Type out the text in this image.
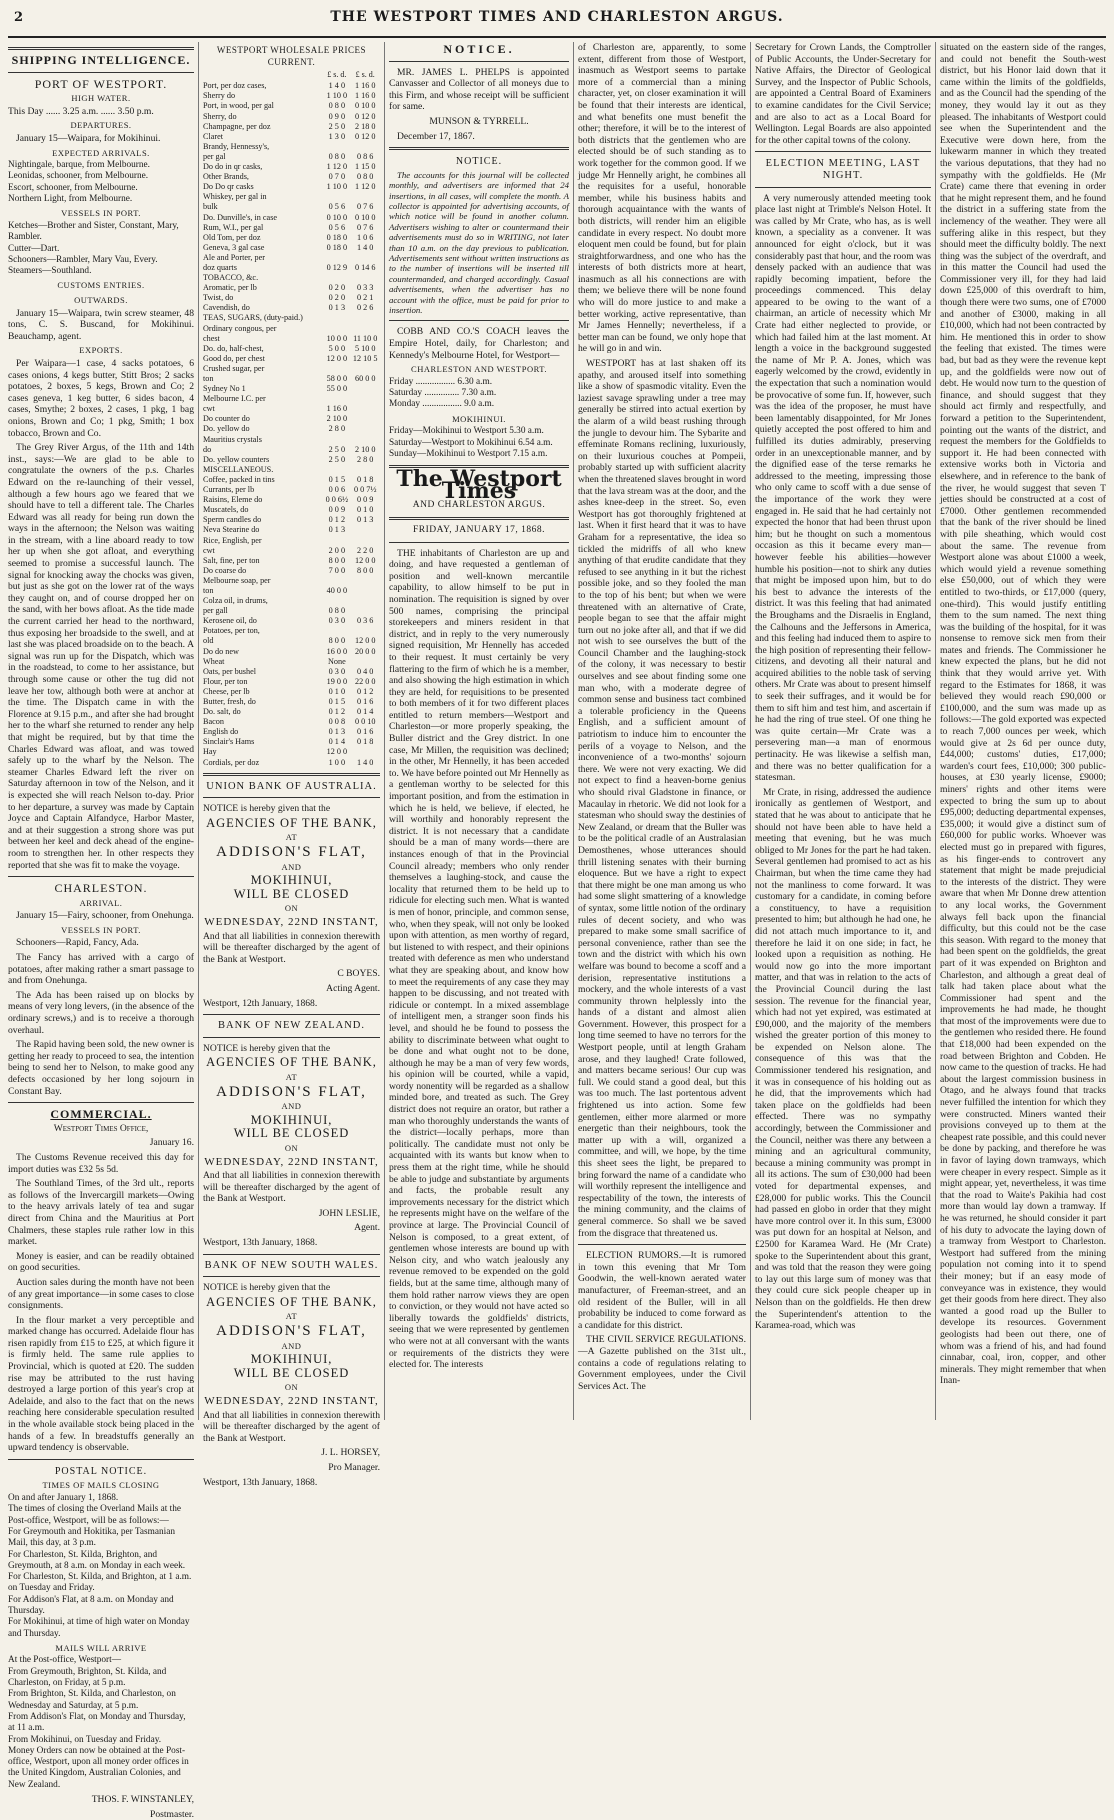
2	THE WESTPORT TIMES AND CHARLESTON ARGUS.
SHIPPING INTELLIGENCE.
PORT OF WESTPORT.
HIGH WATER.

This Day ...... 3.25 a.m. ...... 3.50 p.m.

DEPARTURES.

January 15—Waipara, for Mokihinui.

EXPECTED ARRIVALS.

Nightingale, barque, from Melbourne.
Leonidas, schooner, from Melbourne.
Escort, schooner, from Melbourne.
Northern Light, from Melbourne.

VESSELS IN PORT.

Ketches—Brother and Sister, Constant, Mary, Rambler.
Cutter—Dart.
Schooners—Rambler, Mary Vau, Every.
Steamers—Southland.

CUSTOMS ENTRIES.
OUTWARDS.

January 15—Waipara, twin screw steamer, 48 tons, C. S. Buscand, for Mokihinui. Beauchamp, agent.

EXPORTS.

Per Waipara—1 case, 4 sacks potatoes, 6 cases onions, 4 kegs butter, Stitt Bros; 2 sacks potatoes, 2 boxes, 5 kegs, Brown and Co; 2 cases geneva, 1 keg butter, 6 sides bacon, 4 cases, Smythe; 2 boxes, 2 cases, 1 pkg, 1 bag onions, Brown and Co; 1 pkg, Smith; 1 box tobacco, Brown and Co.

The Grey River Argus, of the 11th and 14th inst., says:—We are glad to be able to congratulate the owners of the p.s. Charles Edward on the re-launching of their vessel, although a few hours ago we feared that we should have to tell a different tale. The Charles Edward was all ready for being run down the ways in the afternoon; the Nelson was waiting in the stream, with a line aboard ready to tow her up when she got afloat, and everything seemed to promise a successful launch. The signal for knocking away the chocks was given, but just as she got on the lower rat of the ways they caught on, and of course dropped her on the sand, with her bows afloat. As the tide made the current carried her head to the northward, thus exposing her broadside to the swell, and at last she was placed broadside on to the beach. A signal was run up for the Dispatch, which was in the roadstead, to come to her assistance, but through some cause or other the tug did not leave her tow, although both were at anchor at the time. The Dispatch came in with the Florence at 9.15 p.m., and after she had brought her to the wharf she returned to render any help that might be required, but by that time the Charles Edward was afloat, and was towed safely up to the wharf by the Nelson. The steamer Charles Edward left the river on Saturday afternoon in tow of the Nelson, and it is expected she will reach Nelson to-day. Prior to her departure, a survey was made by Captain Joyce and Captain Alfandyce, Harbor Master, and at their suggestion a strong shore was put between her keel and deck ahead of the engine-room to strengthen her. In other respects they reported that she was fit to make the voyage.

CHARLESTON.
ARRIVAL.

January 15—Fairy, schooner, from Onehunga.

VESSELS IN PORT.

Schooners—Rapid, Fancy, Ada.

The Fancy has arrived with a cargo of potatoes, after making rather a smart passage to and from Onehunga.

The Ada has been raised up on blocks by means of very long levers, (in the absence of the ordinary screws,) and is to receive a thorough overhaul.

The Rapid having been sold, the new owner is getting her ready to proceed to sea, the intention being to send her to Nelson, to make good any defects occasioned by her long sojourn in Constant Bay.

COMMERCIAL.

Westport Times Office,

January 16.

The Customs Revenue received this day for import duties was £32 5s 5d.

The Southland Times, of the 3rd ult., reports as follows of the Invercargill markets—Owing to the heavy arrivals lately of tea and sugar direct from China and the Mauritius at Port Chalmers, these staples rule rather low in this market.

Money is easier, and can be readily obtained on good securities.

Auction sales during the month have not been of any great importance—in some cases to close consignments.

In the flour market a very perceptible and marked change has occurred. Adelaide flour has risen rapidly from £15 to £25, at which figure it is firmly held. The same rule applies to Provincial, which is quoted at £20. The sudden rise may be attributed to the rust having destroyed a large portion of this year's crop at Adelaide, and also to the fact that on the news reaching here considerable speculation resulted in the whole available stock being placed in the hands of a few. In breadstuffs generally an upward tendency is observable.

POSTAL NOTICE.
TIMES OF MAILS CLOSING

On and after January 1, 1868.
The times of closing the Overland Mails at the Post-office, Westport, will be as follows:—
For Greymouth and Hokitika, per Tasmanian Mail, this day, at 3 p.m.
For Charleston, St. Kilda, Brighton, and Greymouth, at 8 a.m. on Monday in each week.
For Charleston, St. Kilda, and Brighton, at 1 a.m. on Tuesday and Friday.
For Addison's Flat, at 8 a.m. on Monday and Thursday.
For Mokihinui, at time of high water on Monday and Thursday.

MAILS WILL ARRIVE

At the Post-office, Westport—
From Greymouth, Brighton, St. Kilda, and Charleston, on Friday, at 5 p.m.
From Brighton, St. Kilda, and Charleston, on Wednesday and Saturday, at 5 p.m.
From Addison's Flat, on Monday and Thursday, at 11 a.m.
From Mokihinui, on Tuesday and Friday.
Money Orders can now be obtained at the Post-office, Westport, upon all money order offices in the United Kingdom, Australian Colonies, and New Zealand.

THOS. F. WINSTANLEY,

Postmaster.

WESTPORT WHOLESALE PRICES CURRENT.
	£ s. d.	£ s. d.
Port, per doz cases,	1 4 0	1 16 0
Sherry do	1 10 0	1 16 0
Port, in wood, per gal	0 8 0	0 10 0
Sherry, do	0 9 0	0 12 0
Champagne, per doz	2 5 0	2 18 0
Claret	1 3 0	0 12 0
Brandy, Hennessy's,		
per gal	0 8 0	0 8 6
Do do in qr casks,	1 12 0	1 15 0
Other Brands,	0 7 0	0 8 0
Do Do qr casks	1 10 0	1 12 0
Whiskey, per gal in		
bulk	0 5 6	0 7 6
Do. Dunville's, in case	0 10 0	0 10 0
Rum, W.I., per gal	0 5 6	0 7 6
Old Tom, per doz	0 18 0	1 0 6
Geneva, 3 gal case	0 18 0	1 4 0
Ale and Porter, per		
doz quarts	0 12 9	0 14 6
TOBACCO, &c.		
Aromatic, per lb	0 2 0	0 3 3
Twist, do	0 2 0	0 2 1
Cavendish, do	0 1 3	0 2 6
TEAS, SUGARS, (duty-paid.)		
Ordinary congous, per		
chest	10 0 0	11 10 0
Do. do, half-chest,	5 0 0	5 10 0
Good do, per chest	12 0 0	12 10 5
Crushed sugar, per		
ton	58 0 0	60 0 0
Sydney No 1	55 0 0	
Melbourne I.C. per		
cwt	1 16 0	
Do counter do	2 10 0	
Do. yellow do	2 8 0	
Mauritius crystals		
do	2 5 0	2 10 0
Do. yellow counters	2 5 0	2 8 0
MISCELLANEOUS.		
Coffee, packed in tins	0 1 5	0 1 8
Currants, per lb	0 0 6	0 0 7½
Raisins, Eleme do	0 0 6½	0 0 9
Muscatels, do	0 0 9	0 1 0
Sperm candles do	0 1 2	0 1 3
Neva Stearine do	0 1 3	
Rice, English, per		
cwt	2 0 0	2 2 0
Salt, fine, per ton	8 0 0	12 0 0
Do coarse do	7 0 0	8 0 0
Melbourne soap, per		
ton	40 0 0	
Colza oil, in drums,		
per gall	0 8 0	
Kerosene oil, do	0 3 0	0 3 6
Potatoes, per ton,		
old	8 0 0	12 0 0
Do do new	16 0 0	20 0 0
Wheat	None	
Oats, per bushel	0 3 0	0 4 0
Flour, per ton	19 0 0	22 0 0
Cheese, per lb	0 1 0	0 1 2
Butter, fresh, do	0 1 5	0 1 6
Do. salt, do	0 1 2	0 1 4
Bacon	0 0 8	0 0 10
English do	0 1 3	0 1 6
Sinclair's Hams	0 1 4	0 1 8
Hay	12 0 0	
Cordials, per doz	1 0 0	1 4 0
UNION BANK OF AUSTRALIA.

NOTICE is hereby given that the

AGENCIES OF THE BANK,
AT
ADDISON'S FLAT,
AND
MOKIHINUI,
WILL BE CLOSED
ON
WEDNESDAY, 22ND INSTANT,

And that all liabilities in connexion therewith will be thereafter discharged by the agent of the Bank at Westport.

C BOYES.

Acting Agent.

Westport, 12th January, 1868.

BANK OF NEW ZEALAND.

NOTICE is hereby given that the

AGENCIES OF THE BANK,
AT
ADDISON'S FLAT,
AND
MOKIHINUI,
WILL BE CLOSED
ON
WEDNESDAY, 22ND INSTANT,

And that all liabilities in connexion therewith will be thereafter discharged by the agent of the Bank at Westport.

JOHN LESLIE,

Agent.

Westport, 13th January, 1868.

BANK OF NEW SOUTH WALES.

NOTICE is hereby given that the

AGENCIES OF THE BANK,
AT
ADDISON'S FLAT,
AND
MOKIHINUI,
WILL BE CLOSED
ON
WEDNESDAY, 22ND INSTANT,

And that all liabilities in connexion therewith will be thereafter discharged by the agent of the Bank at Westport.

J. L. HORSEY,

Pro Manager.

Westport, 13th January, 1868.

NOTICE.

MR. JAMES L. PHELPS is appointed Canvasser and Collector of all moneys due to this Firm, and whose receipt will be sufficient for same.

MUNSON & TYRRELL.

December 17, 1867.

NOTICE.

The accounts for this journal will be collected monthly, and advertisers are informed that 24 insertions, in all cases, will complete the month. A collector is appointed for advertising accounts, of which notice will be found in another column. Advertisers wishing to alter or countermand their advertisements must do so in WRITING, not later than 10 a.m. on the day previous to publication. Advertisements sent without written instructions as to the number of insertions will be inserted till countermanded, and charged accordingly. Casual advertisements, when the advertiser has no account with the office, must be paid for prior to insertion.

COBB AND CO.'S COACH leaves the Empire Hotel, daily, for Charleston; and Kennedy's Melbourne Hotel, for Westport—

CHARLESTON AND WESTPORT.

Friday ................. 6.30 a.m.
Saturday ............... 7.30 a.m.
Monday ................. 9.0 a.m.

MOKIHINUI.

Friday—Mokihinui to Westport 5.30 a.m.
Saturday—Westport to Mokihinui 6.54 a.m.
Sunday—Mokihinui to Westport 7.15 a.m.

The Westport Times
AND CHARLESTON ARGUS.
FRIDAY, JANUARY 17, 1868.

THE inhabitants of Charleston are up and doing, and have requested a gentleman of position and well-known mercantile capability, to allow himself to be put in nomination. The requisition is signed by over 500 names, comprising the principal storekeepers and miners resident in that district, and in reply to the very numerously signed requisition, Mr Hennelly has acceded to their request. It must certainly be very flattering to the firm of which he is a member, and also showing the high estimation in which they are held, for requisitions to be presented to both members of it for two different places entitled to return members—Westport and Charleston—or more properly speaking, the Buller district and the Grey district. In one case, Mr Millen, the requisition was declined; in the other, Mr Hennelly, it has been acceded to. We have before pointed out Mr Hennelly as a gentleman worthy to be selected for this important position, and from the estimation in which he is held, we believe, if elected, he will worthily and honorably represent the district. It is not necessary that a candidate should be a man of many words—there are instances enough of that in the Provincial Council already; members who only render themselves a laughing-stock, and cause the locality that returned them to be held up to ridicule for electing such men. What is wanted is men of honor, principle, and common sense, who, when they speak, will not only be looked upon with attention, as men worthy of regard, but listened to with respect, and their opinions treated with deference as men who understand what they are speaking about, and know how to meet the requirements of any case they may happen to be discussing, and not treated with ridicule or contempt. In a mixed assemblage of intelligent men, a stranger soon finds his level, and should he be found to possess the ability to discriminate between what ought to be done and what ought not to be done, although he may be a man of very few words, his opinion will be courted, while a vapid, wordy nonentity will be regarded as a shallow minded bore, and treated as such. The Grey district does not require an orator, but rather a man who thoroughly understands the wants of the district—locally perhaps, more than politically. The candidate must not only be acquainted with its wants but know when to press them at the right time, while he should be able to judge and substantiate by arguments and facts, the probable result any improvements necessary for the district which he represents might have on the welfare of the province at large. The Provincial Council of Nelson is composed, to a great extent, of gentlemen whose interests are bound up with Nelson city, and who watch jealously any revenue removed to be expended on the gold fields, but at the same time, although many of them hold rather narrow views they are open to conviction, or they would not have acted so liberally towards the goldfields' districts, seeing that we were represented by gentlemen who were not at all conversant with the wants or requirements of the districts they were elected for. The interests

of Charleston are, apparently, to some extent, different from those of Westport, inasmuch as Westport seems to partake more of a commercial than a mining character, yet, on closer examination it will be found that their interests are identical, and what benefits one must benefit the other; therefore, it will be to the interest of both districts that the gentlemen who are elected should be of such standing as to work together for the common good. If we judge Mr Hennelly aright, he combines all the requisites for a useful, honorable member, while his business habits and thorough acquaintance with the wants of both districts, will render him an eligible candidate in every respect. No doubt more eloquent men could be found, but for plain straightforwardness, and one who has the interests of both districts more at heart, inasmuch as all his connections are with them; we believe there will be none found who will do more justice to and make a better working, active representative, than Mr James Hennelly; nevertheless, if a better man can be found, we only hope that he will go in and win.

WESTPORT has at last shaken off its apathy, and aroused itself into something like a show of spasmodic vitality. Even the laziest savage sprawling under a tree may generally be stirred into actual exertion by the alarm of a wild beast rushing through the jungle to devour him. The Sybarite and effeminate Romans reclining, luxuriously, on their luxurious couches at Pompeii, probably started up with sufficient alacrity when the threatened slaves brought in word that the lava stream was at the door, and the ashes knee-deep in the street. So, even Westport has got thoroughly frightened at last. When it first heard that it was to have Graham for a representative, the idea so tickled the midriffs of all who knew anything of that erudite candidate that they refused to see anything in it but the richest possible joke, and so they fooled the man to the top of his bent; but when we were threatened with an alternative of Crate, people began to see that the affair might turn out no joke after all, and that if we did not wish to see ourselves the butt of the Council Chamber and the laughing-stock of the colony, it was necessary to bestir ourselves and see about finding some one man who, with a moderate degree of common sense and business tact combined a tolerable proficiency in the Queens English, and a sufficient amount of patriotism to induce him to encounter the perils of a voyage to Nelson, and the inconvenience of a two-months' sojourn there. We were not very exacting. We did not expect to find a heaven-borne genius who should rival Gladstone in finance, or Macaulay in rhetoric. We did not look for a statesman who should sway the destinies of New Zealand, or dream that the Buller was to be the political cradle of an Australasian Demosthenes, whose utterances should thrill listening senates with their burning eloquence. But we have a right to expect that there might be one man among us who had some slight smattering of a knowledge of syntax, some little notion of the ordinary rules of decent society, and who was prepared to make some small sacrifice of personal convenience, rather than see the town and the district with which his own welfare was bound to become a scoff and a derision, representative institutions a mockery, and the whole interests of a vast community thrown helplessly into the hands of a distant and almost alien Government. However, this prospect for a long time seemed to have no terrors for the Westport people, until at length Graham arose, and they laughed! Crate followed, and matters became serious! Our cup was full. We could stand a good deal, but this was too much. The last portentous advent frightened us into action. Some few gentlemen, either more alarmed or more energetic than their neighbours, took the matter up with a will, organized a committee, and will, we hope, by the time this sheet sees the light, be prepared to bring forward the name of a candidate who will worthily represent the intelligence and respectability of the town, the interests of the mining community, and the claims of general commerce. So shall we be saved from the disgrace that threatened us.

ELECTION RUMORS.—It is rumored in town this evening that Mr Tom Goodwin, the well-known aerated water manufacturer, of Freeman-street, and an old resident of the Buller, will in all probability be induced to come forward as a candidate for this district.

THE CIVIL SERVICE REGULATIONS.—A Gazette published on the 31st ult., contains a code of regulations relating to Government employees, under the Civil Services Act. The

Secretary for Crown Lands, the Comptroller of Public Accounts, the Under-Secretary for Native Affairs, the Director of Geological Survey, and the Inspector of Public Schools, are appointed a Central Board of Examiners to examine candidates for the Civil Service; and are also to act as a Local Board for Wellington. Legal Boards are also appointed for the other capital towns of the colony.

ELECTION MEETING, LAST NIGHT.

A very numerously attended meeting took place last night at Trimble's Nelson Hotel. It was called by Mr Crate, who has, as is well known, a speciality as a convener. It was announced for eight o'clock, but it was considerably past that hour, and the room was densely packed with an audience that was rapidly becoming impatient, before the proceedings commenced. This delay appeared to be owing to the want of a chairman, an article of necessity which Mr Crate had either neglected to provide, or which had failed him at the last moment. At length a voice in the background suggested the name of Mr P. A. Jones, which was eagerly welcomed by the crowd, evidently in the expectation that such a nomination would be provocative of some fun. If, however, such was the idea of the proposer, he must have been lamentably disappointed, for Mr Jones quietly accepted the post offered to him and fulfilled its duties admirably, preserving order in an unexceptionable manner, and by the dignified ease of the terse remarks he addressed to the meeting, impressing those who only came to scoff with a due sense of the importance of the work they were engaged in. He said that he had certainly not expected the honor that had been thrust upon him; but he thought on such a momentous occasion as this it became every man—however feeble his abilities—however humble his position—not to shirk any duties that might be imposed upon him, but to do his best to advance the interests of the district. It was this feeling that had animated the Broughams and the Disraelis in England, the Calhouns and the Jeffersons in America, and this feeling had induced them to aspire to the high position of representing their fellow-citizens, and devoting all their natural and acquired abilities to the noble task of serving others. Mr Crate was about to present himself to seek their suffrages, and it would be for them to sift him and test him, and ascertain if he had the ring of true steel. Of one thing he was quite certain—Mr Crate was a persevering man—a man of enormous pertinacity. He was likewise a selfish man, and there was no better qualification for a statesman.

Mr Crate, in rising, addressed the audience ironically as gentlemen of Westport, and stated that he was about to anticipate that he should not have been able to have held a meeting that evening, but he was much obliged to Mr Jones for the part he had taken. Several gentlemen had promised to act as his Chairman, but when the time came they had not the manliness to come forward. It was customary for a candidate, in coming before a constituency, to have a requisition presented to him; but although he had one, he did not attach much importance to it, and therefore he laid it on one side; in fact, he looked upon a requisition as nothing. He would now go into the more important matter, and that was in relation to the acts of the Provincial Council during the last session. The revenue for the financial year, which had not yet expired, was estimated at £90,000, and the majority of the members wished the greater portion of this money to be expended on Nelson alone. The consequence of this was that the Commissioner tendered his resignation, and it was in consequence of his holding out as he did, that the improvements which had taken place on the goldfields had been effected. There was no sympathy accordingly, between the Commissioner and the Council, neither was there any between a mining and an agricultural community, because a mining community was prompt in all its actions. The sum of £30,000 had been voted for departmental expenses, and £28,000 for public works. This the Council had passed en globo in order that they might have more control over it. In this sum, £3000 was put down for an hospital at Nelson, and £2500 for Karamea Ward. He (Mr Crate) spoke to the Superintendent about this grant, and was told that the reason they were going to lay out this large sum of money was that they could cure sick people cheaper up in Nelson than on the goldfields. He then drew the Superintendent's attention to the Karamea-road, which was

situated on the eastern side of the ranges, and could not benefit the South-west district, but his Honor laid down that it came within the limits of the goldfields, and as the Council had the spending of the money, they would lay it out as they pleased. The inhabitants of Westport could see when the Superintendent and the Executive were down here, from the lukewarm manner in which they treated the various deputations, that they had no sympathy with the goldfields. He (Mr Crate) came there that evening in order that he might represent them, and he found the district in a suffering state from the inclemency of the weather. They were all suffering alike in this respect, but they should meet the difficulty boldly. The next thing was the subject of the overdraft, and in this matter the Council had used the Commissioner very ill, for they had laid down £25,000 of this overdraft to him, though there were two sums, one of £7000 and another of £3000, making in all £10,000, which had not been contracted by him. He mentioned this in order to show the feeling that existed. The times were bad, but bad as they were the revenue kept up, and the goldfields were now out of debt. He would now turn to the question of finance, and should suggest that they should act firmly and respectfully, and forward a petition to the Superintendent, pointing out the wants of the district, and request the members for the Goldfields to support it. He had been connected with extensive works both in Victoria and elsewhere, and in reference to the bank of the river, he would suggest that seven T jetties should be constructed at a cost of £7000. Other gentlemen recommended that the bank of the river should be lined with pile sheathing, which would cost about the same. The revenue from Westport alone was about £1000 a week, which would yield a revenue something else £50,000, out of which they were entitled to two-thirds, or £17,000 (query, one-third). This would justify entitling them to the sum named. The next thing was the building of the hospital, for it was nonsense to remove sick men from their mates and friends. The Commissioner he knew expected the plans, but he did not think that they would arrive yet. With regard to the Estimates for 1868, it was believed they would reach £90,000 or £100,000, and the sum was made up as follows:—The gold exported was expected to reach 7,000 ounces per week, which would give at 2s 6d per ounce duty, £44,000; customs' duties, £17,000; warden's court fees, £10,000; 300 public-houses, at £30 yearly license, £9000; miners' rights and other items were expected to bring the sum up to about £95,000; deducting departmental expenses, £35,000; it would give a distinct sum of £60,000 for public works. Whoever was elected must go in prepared with figures, as his finger-ends to controvert any statement that might be made prejudicial to the interests of the district. They were aware that when Mr Donne drew attention to any local works, the Government always fell back upon the financial difficulty, but this could not be the case this season. With regard to the money that had been spent on the goldfields, the great part of it was expended on Brighton and Charleston, and although a great deal of talk had taken place about what the Commissioner had spent and the improvements he had made, he thought that most of the improvements were due to the gentlemen who resided there. He found that £18,000 had been expended on the road between Brighton and Cobden. He now came to the question of tracks. He had about the largest commission business in Otago, and he always found that tracks never fulfilled the intention for which they were constructed. Miners wanted their provisions conveyed up to them at the cheapest rate possible, and this could never be done by packing, and therefore he was in favor of laying down tramways, which were cheaper in every respect. Simple as it might appear, yet, nevertheless, it was time that the road to Waite's Pakihia had cost more than would lay down a tramway. If he was returned, he should consider it part of his duty to advocate the laying down of a tramway from Westport to Charleston. Westport had suffered from the mining population not coming into it to spend their money; but if an easy mode of conveyance was in existence, they would get their goods from here direct. They also wanted a good road up the Buller to develope its resources. Government geologists had been out there, one of whom was a friend of his, and had found cinnabar, coal, iron, copper, and other minerals. They might remember that when Inan-
